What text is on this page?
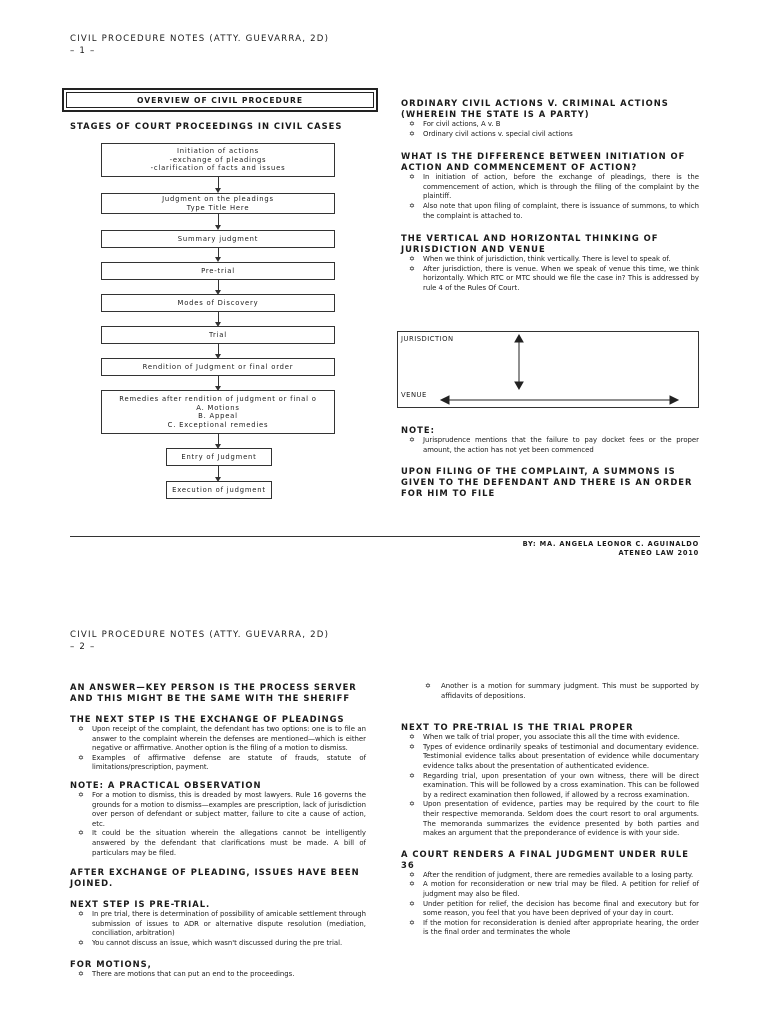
CIVIL PROCEDURE NOTES (ATTY. GUEVARRA, 2D)
– 1 –
OVERVIEW OF CIVIL PROCEDURE
STAGES OF COURT PROCEEDINGS IN CIVIL CASES
Initiation of actions
-exchange of pleadings
-clarification of facts and issues
Judgment on the pleadings
Type Title Here
Summary judgment
Pre-trial
Modes of Discovery
Trial
Rendition of Judgment or final order
Remedies after rendition of judgment or final o
A. Motions
B. Appeal
C. Exceptional remedies
Entry of Judgment
Execution of judgment
ORDINARY CIVIL ACTIONS V. CRIMINAL ACTIONS (WHEREIN THE STATE IS A PARTY)
✡ For civil actions, A v. B
✡ Ordinary civil actions v. special civil actions
WHAT IS THE DIFFERENCE BETWEEN INITIATION OF ACTION AND COMMENCEMENT OF ACTION?
✡ In initiation of action, before the exchange of pleadings, there is the commencement of action, which is through the filing of the complaint by the plaintiff.
✡ Also note that upon filing of complaint, there is issuance of summons, to which the complaint is attached to.
THE VERTICAL AND HORIZONTAL THINKING OF JURISDICTION AND VENUE
✡ When we think of jurisdiction, think vertically. There is level to speak of.
✡ After jurisdiction, there is venue. When we speak of venue this time, we think horizontally. Which RTC or MTC should we file the case in? This is addressed by rule 4 of the Rules Of Court.
JURISDICTION
VENUE
NOTE:
✡ Jurisprudence mentions that the failure to pay docket fees or the proper amount, the action has not yet been commenced
UPON FILING OF THE COMPLAINT, A SUMMONS IS GIVEN TO THE DEFENDANT AND THERE IS AN ORDER FOR HIM TO FILE
BY: MA. ANGELA LEONOR C. AGUINALDO
ATENEO LAW 2010
CIVIL PROCEDURE NOTES (ATTY. GUEVARRA, 2D)
– 2 –
AN ANSWER—KEY PERSON IS THE PROCESS SERVER AND THIS MIGHT BE THE SAME WITH THE SHERIFF
THE NEXT STEP IS THE EXCHANGE OF PLEADINGS
✡ Upon receipt of the complaint, the defendant has two options: one is to file an answer to the complaint wherein the defenses are mentioned—which is either negative or affirmative. Another option is the filing of a motion to dismiss.
✡ Examples of affirmative defense are statute of frauds, statute of limitations/prescription, payment.
NOTE: A PRACTICAL OBSERVATION
✡ For a motion to dismiss, this is dreaded by most lawyers. Rule 16 governs the grounds for a motion to dismiss—examples are prescription, lack of jurisdiction over person of defendant or subject matter, failure to cite a cause of action, etc.
✡ It could be the situation wherein the allegations cannot be intelligently answered by the defendant that clarifications must be made. A bill of particulars may be filed.
AFTER EXCHANGE OF PLEADING, ISSUES HAVE BEEN JOINED.
NEXT STEP IS PRE-TRIAL.
✡ In pre trial, there is determination of possibility of amicable settlement through submission of issues to ADR or alternative dispute resolution (mediation, conciliation, arbitration)
✡ You cannot discuss an issue, which wasn't discussed during the pre trial.
FOR MOTIONS,
✡ There are motions that can put an end to the proceedings.
✡ Another is a motion for summary judgment. This must be supported by affidavits of depositions.
NEXT TO PRE-TRIAL IS THE TRIAL PROPER
✡ When we talk of trial proper, you associate this all the time with evidence.
✡ Types of evidence ordinarily speaks of testimonial and documentary evidence. Testimonial evidence talks about presentation of evidence while documentary evidence talks about the presentation of authenticated evidence.
✡ Regarding trial, upon presentation of your own witness, there will be direct examination. This will be followed by a cross examination. This can be followed by a redirect examination then followed, if allowed by a recross examination.
✡ Upon presentation of evidence, parties may be required by the court to file their respective memoranda. Seldom does the court resort to oral arguments. The memoranda summarizes the evidence presented by both parties and makes an argument that the preponderance of evidence is with your side.
A COURT RENDERS A FINAL JUDGMENT UNDER RULE 36
✡ After the rendition of judgment, there are remedies available to a losing party.
✡ A motion for reconsideration or new trial may be filed. A petition for relief of judgment may also be filed.
✡ Under petition for relief, the decision has become final and executory but for some reason, you feel that you have been deprived of your day in court.
✡ If the motion for reconsideration is denied after appropriate hearing, the order is the final order and terminates the whole
